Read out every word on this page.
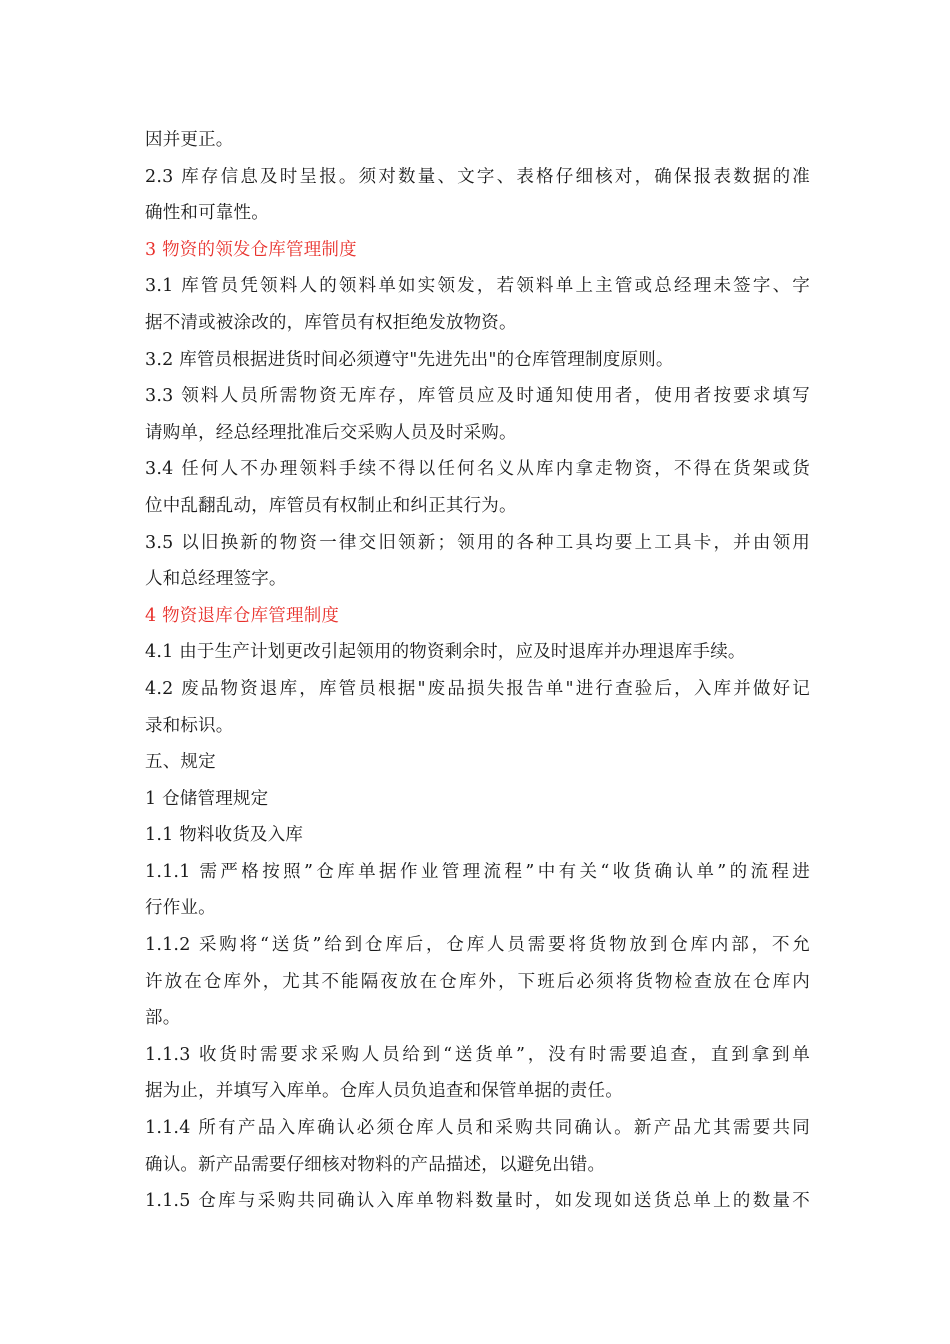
因并更正。
2.3 库存信息及时呈报。须对数量、文字、表格仔细核对，确保报表数据的准
确性和可靠性。
3 物资的领发仓库管理制度
3.1 库管员凭领料人的领料单如实领发，若领料单上主管或总经理未签字、字
据不清或被涂改的，库管员有权拒绝发放物资。
3.2 库管员根据进货时间必须遵守"先进先出"的仓库管理制度原则。
3.3 领料人员所需物资无库存，库管员应及时通知使用者，使用者按要求填写
请购单，经总经理批准后交采购人员及时采购。
3.4 任何人不办理领料手续不得以任何名义从库内拿走物资，不得在货架或货
位中乱翻乱动，库管员有权制止和纠正其行为。
3.5 以旧换新的物资一律交旧领新；领用的各种工具均要上工具卡，并由领用
人和总经理签字。
4 物资退库仓库管理制度
4.1 由于生产计划更改引起领用的物资剩余时，应及时退库并办理退库手续。
4.2 废品物资退库，库管员根据"废品损失报告单"进行查验后，入库并做好记
录和标识。
五、规定
1 仓储管理规定
1.1 物料收货及入库
1.1.1 需严格按照”仓库单据作业管理流程”中有关“收货确认单”的流程进
行作业。
1.1.2 采购将“送货”给到仓库后，仓库人员需要将货物放到仓库内部，不允
许放在仓库外，尤其不能隔夜放在仓库外，下班后必须将货物检查放在仓库内
部。
1.1.3 收货时需要求采购人员给到“送货单”，没有时需要追查，直到拿到单
据为止，并填写入库单。仓库人员负追查和保管单据的责任。
1.1.4 所有产品入库确认必须仓库人员和采购共同确认。新产品尤其需要共同
确认。新产品需要仔细核对物料的产品描述，以避免出错。
1.1.5 仓库与采购共同确认入库单物料数量时，如发现如送货总单上的数量不
